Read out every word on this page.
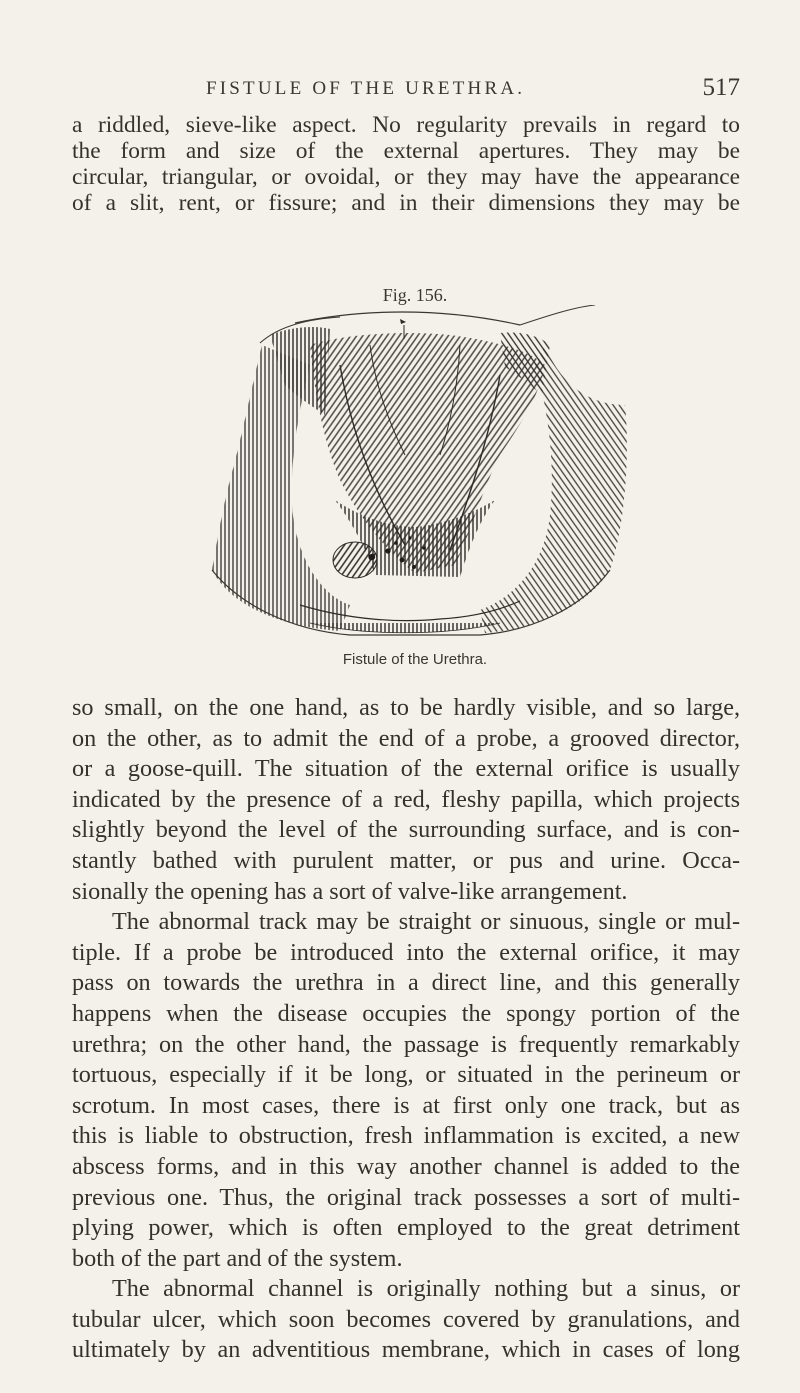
FISTULE OF THE URETHRA.	517
a riddled, sieve-like aspect. No regularity prevails in regard to
the form and size of the external apertures. They may be
circular, triangular, or ovoidal, or they may have the appearance
of a slit, rent, or fissure; and in their dimensions they may be
Fig. 156.
Fistule of the Urethra.
so small, on the one hand, as to be hardly visible, and so large,
on the other, as to admit the end of a probe, a grooved director,
or a goose-quill. The situation of the external orifice is usually
indicated by the presence of a red, fleshy papilla, which projects
slightly beyond the level of the surrounding surface, and is con-
stantly bathed with purulent matter, or pus and urine. Occa-
sionally the opening has a sort of valve-like arrangement.
The abnormal track may be straight or sinuous, single or mul-
tiple. If a probe be introduced into the external orifice, it may
pass on towards the urethra in a direct line, and this generally
happens when the disease occupies the spongy portion of the
urethra; on the other hand, the passage is frequently remarkably
tortuous, especially if it be long, or situated in the perineum or
scrotum. In most cases, there is at first only one track, but as
this is liable to obstruction, fresh inflammation is excited, a new
abscess forms, and in this way another channel is added to the
previous one. Thus, the original track possesses a sort of multi-
plying power, which is often employed to the great detriment
both of the part and of the system.
The abnormal channel is originally nothing but a sinus, or
tubular ulcer, which soon becomes covered by granulations, and
ultimately by an adventitious membrane, which in cases of long
